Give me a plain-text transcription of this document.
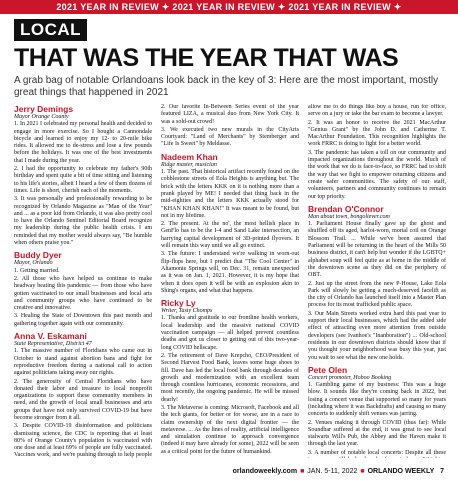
2021 YEAR IN REVIEW ✦ 2021 YEAR IN REVIEW ✦ 2021 YEAR IN REVIEW ✦
LOCAL
THAT WAS THE YEAR THAT WAS
A grab bag of notable Orlandoans look back in the key of 3: Here are the most important, mostly great things that happened in 2021
Jerry Demings
Mayor Orange County
1. In 2021 I celebrated my personal health and decided to engage in more exercise. So I bought a Cannondale bicycle and learned to enjoy my 12- to 20-mile bike rides. It allowed me to de-stress and lose a few pounds before the holidays. It was one of the best investments that I made during the year.
2. I had the opportunity to celebrate my father's 90th birthday and spent quite a bit of time sitting and listening to his life's stories, albeit I heard a few of them dozens of times. Life is short, cherish each of the moments.
3. It was personally and professionally rewarding to be recognized by Orlando Magazine as "Man of the Year" and ... as a poor kid from Orlando, it was also pretty cool to have the Orlando Sentinel Editorial Board recognize my leadership during the public health crisis. I am reminded that my mother would always say, "Be humble when others praise you."
Buddy Dyer
Mayor, Orlando
1. Getting married.
2. All those who have helped us continue to make headway beating this pandemic — from those who have gotten vaccinated to our small businesses and local arts and community groups who have continued to be creative and innovative.
3. Healing the State of Downtown this past month and gathering together again with our community.
Anna V. Eskamani
State Representative, District 47
1. The massive number of Floridians who came out in October to stand against abortion bans and fight for reproductive freedom during a national call to action against politicians taking away our rights.
2. The generosity of Central Floridians who have donated their labor and treasure to local nonprofit organizations to support these community members in need, and the growth of local small businesses and arts groups that have not only survived COVID-19 but have become stronger from it all.
3. Despite COVID-19 disinformation and politicians dismissing science, the CDC is reporting that at least 80% of Orange County's population is vaccinated with one dose and at least 69% of people are fully vaccinated. Vaccines work, and we're pushing through to help people
2. Our favorite In-Between Series event of the year featured LIZA, a musical duo from New York City. It was a sold-out crowd!
3. We executed two new murals in the CityArts Courtyard: "Land of Merchants" by Stemberger and "Life Is Sweet" by Meldasse.
Nadeem Khan
Ridge master, musician
1. The past. That historical artifact recently found on the cobblestone streets of Eola Heights is anything but. The brick with the letters KKK on it is nothing more than a prank played by ME! I needed that thing back in the mid-eighties and the letters KKK actually stood for "KHAN KHAN KHAN!" It was meant to be found, but not in my lifetime.
2. The present. At the no', the most hellish place in GenFlo has to be the I-4 and Sand Lake intersection, an harrying capital development of 3D-printed flyovers. It will remain this way until we all go extinct.
3. The future: I understand we're walking in worn-out flip-flops here, but I predict that "The Cool Center" in Altamonte Springs will, on Dec. 31, remain unexpected as it was on Jan. 1, 2021. However, it is my hope that when it does open it will be with an explosion akin to Shing's organs, and what that happens.
Ricky Ly
Writer, Tasty Chomps
1. Thanks and gratitude to our frontline health workers, local leadership and the massive national COVID vaccination campaign — all helped prevent countless deaths and got us closer to getting out of this two-year-long COVID hellscape.
2. The retirement of Dave Krepcho, CEO/President of Second Harvest Food Bank, leaves some huge shoes to fill. Dave has led the local food bank through decades of growth and modernization with an excellent team through countless hurricanes, economic recessions, and most recently, the ongoing pandemic. He will be missed dearly!
3. The Metaverse is coming: Microsoft, Facebook and all the tech giants, for better or for worse, are in a race to claim ownership of the next digital frontier — the metaverse. ... As the lines of reality, artificial intelligence and simulation continue to approach convergence (indeed it may have already for some), 2022 will be seen as a critical point for the future of humankind.
allow me to do things like buy a house, run for office, serve on a jury or take the bar exam to become a lawyer.
2. It was an honor to receive the 2021 MacArthur "Genius Grant" by the John D. and Catherine T. MacArthur Foundation. This recognition highlights the work FRRC is doing to fight for a better world.
3. The pandemic has taken a toll on our community and impacted organizations throughout the world. Much of the work that we do is face-to-face, so FRRC had to shift the way that we fight to empower returning citizens and create safer communities. The safety of our staff, volunteers, partners and community continues to remain our top priority.
Brendan O'Connor
Man about town, bongoliever.com
1. Parliament House finally gave up the ghost and shuffled off its aged, harlot-worn, mortal coil on Orange Blossom Trail. ... While we've been assured that Parliament will be returning in the heart of the Mills 50 business district, it can't help but wonder if the LGBTQ+ alphabet soup will feel quite as at home in the middle of the downtown scene as they did on the periphery of OBT.
2. Just up the street from the new P-House, Lake Eola Park will slowly be getting a much-deserved facelift as the city of Orlando has launched itself into a Master Plan process for its most trafficked public space.
3. Our Main Streets worked extra hard this past year to support their local businesses, which had the added side effect of attracting even more attention from outside developers (see Ivanhoe's "Inanboration") ... Old-school residents in our downtown districts should know that if you thought your neighborhood was busy this year, just you wait to see what the new one holds.
Pete Olen
Concert promoter, Hoboo Booking
1. Gambling game of my business: This was a huge blow. It sounds like they're coming back in 2022, but losing a concert venue that supported so many for years (including where it was Backdrafts) and causing so many concerts to suddenly shift venues was jarring.
2. Venues making it through COVID (thus far): While Soundbar suffered at the end, it was great to see local stalwarts Will's Pub, the Abbey and the Haven make it through the last year.
3. A number of notable local concerts: Despite all these
orlandoweekly.com ■ JAN. 5-11, 2022 ■ ORLANDO WEEKLY 7
